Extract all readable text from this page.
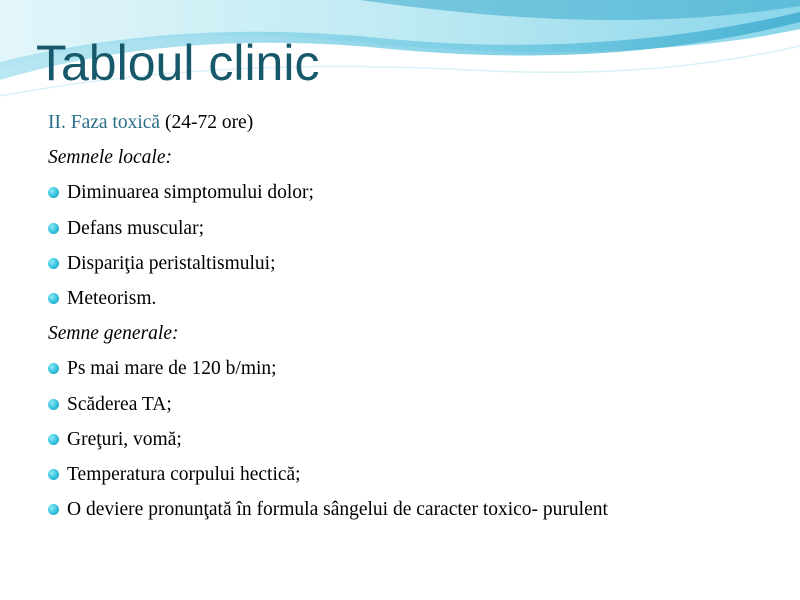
Tabloul clinic
II. Faza toxică (24-72 ore)
Semnele locale:
Diminuarea simptomului dolor;
Defans muscular;
Dispariţia peristaltismului;
Meteorism.
Semne generale:
Ps mai mare de 120 b/min;
Scăderea TA;
Greţuri, vomă;
Temperatura corpului hectică;
O deviere pronunţată în formula sângelui de caracter toxico- purulent
